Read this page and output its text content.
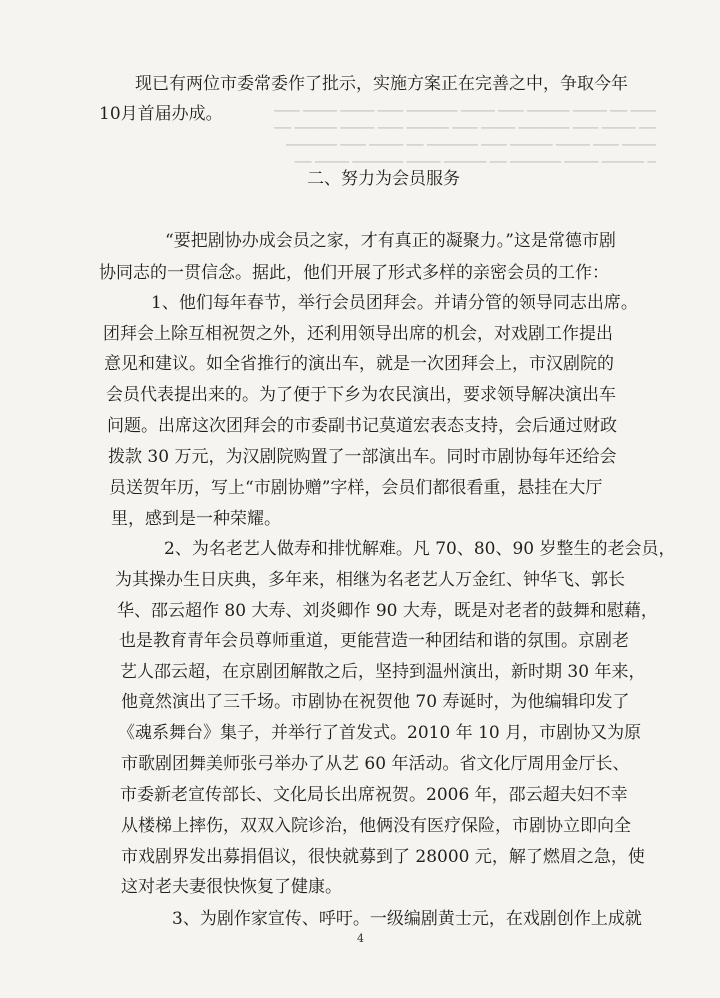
▁▁▁ ▁▁ ▁▁▁▁ ▁▁▁▁▁ ▁▁▁ ▁▁▁▁ ▁▁▁▁▁▁ ▁▁▁ ▁▁▁▁ ▁▁▁▁ ▁▁▁
▁▁ ▁▁▁▁ ▁▁▁ ▁▁▁▁▁▁ ▁▁▁▁ ▁▁▁ ▁▁▁▁▁ ▁▁▁ ▁▁▁▁ ▁▁▁▁▁ ▁▁
▁▁▁▁ ▁▁▁ ▁▁▁▁ ▁▁▁▁▁ ▁▁▁ ▁▁▁▁▁▁ ▁▁ ▁▁▁▁ ▁▁▁ ▁▁▁▁▁▁
▁ ▁▁▁▁▁ ▁▁▁▁ ▁▁▁▁▁▁ ▁▁ ▁▁▁▁▁ ▁▁▁▁ ▁▁▁▁▁▁ ▁▁▁▁ ▁▁
现已有两位市委常委作了批示，实施方案正在完善之中，争取今年
10月首届办成。
二、努力为会员服务
“要把剧协办成会员之家，才有真正的凝聚力。”这是常德市剧
协同志的一贯信念。据此，他们开展了形式多样的亲密会员的工作：
1、他们每年春节，举行会员团拜会。并请分管的领导同志出席。
团拜会上除互相祝贺之外，还利用领导出席的机会，对戏剧工作提出
意见和建议。如全省推行的演出车，就是一次团拜会上，市汉剧院的
会员代表提出来的。为了便于下乡为农民演出，要求领导解决演出车
问题。出席这次团拜会的市委副书记莫道宏表态支持，会后通过财政
拨款 30 万元，为汉剧院购置了一部演出车。同时市剧协每年还给会
员送贺年历，写上“市剧协赠”字样，会员们都很看重，悬挂在大厅
里，感到是一种荣耀。
2、为名老艺人做寿和排忧解难。凡 70、80、90 岁整生的老会员，
为其操办生日庆典，多年来，相继为名老艺人万金红、钟华飞、郭长
华、邵云超作 80 大寿、刘炎卿作 90 大寿，既是对老者的鼓舞和慰藉，
也是教育青年会员尊师重道，更能营造一种团结和谐的氛围。京剧老
艺人邵云超，在京剧团解散之后，坚持到温州演出，新时期 30 年来，
他竟然演出了三千场。市剧协在祝贺他 70 寿诞时，为他编辑印发了
《魂系舞台》集子，并举行了首发式。2010 年 10 月，市剧协又为原
市歌剧团舞美师张弓举办了从艺 60 年活动。省文化厅周用金厅长、
市委新老宣传部长、文化局长出席祝贺。2006 年，邵云超夫妇不幸
从楼梯上摔伤，双双入院诊治，他俩没有医疗保险，市剧协立即向全
市戏剧界发出募捐倡议，很快就募到了 28000 元，解了燃眉之急，使
这对老夫妻很快恢复了健康。
3、为剧作家宣传、呼吁。一级编剧黄士元，在戏剧创作上成就
4
